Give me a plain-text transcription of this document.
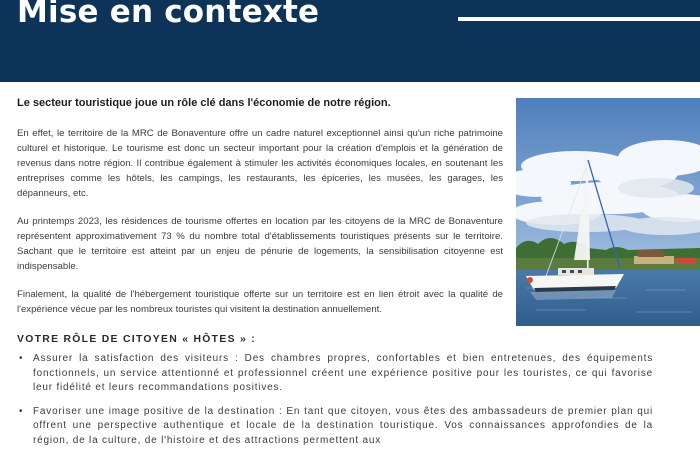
Mise en contexte

Le secteur touristique joue un rôle clé dans l'économie de notre région.

En effet, le territoire de la MRC de Bonaventure offre un cadre naturel exceptionnel ainsi qu'un riche patrimoine culturel et historique. Le tourisme est donc un secteur important pour la création d'emplois et la génération de revenus dans notre région. Il contribue également à stimuler les activités économiques locales, en soutenant les entreprises comme les hôtels, les campings, les restaurants, les épiceries, les musées, les garages, les dépanneurs, etc.

Au printemps 2023, les résidences de tourisme offertes en location par les citoyens de la MRC de Bonaventure représentent approximativement 73 % du nombre total d'établissements touristiques présents sur le territoire. Sachant que le territoire est atteint par un enjeu de pénurie de logements, la sensibilisation citoyenne est indispensable.

Finalement, la qualité de l'hébergement touristique offerte sur un territoire est en lien étroit avec la qualité de l'expérience vécue par les nombreux touristes qui visitent la destination annuellement.

VOTRE RÔLE DE CITOYEN « HÔTES » :

• Assurer la satisfaction des visiteurs : Des chambres propres, confortables et bien entretenues, des équipements fonctionnels, un service attentionné et professionnel créent une expérience positive pour les touristes, ce qui favorise leur fidélité et leurs recommandations positives.
• Favoriser une image positive de la destination : En tant que citoyen, vous êtes des ambassadeurs de premier plan qui offrent une perspective authentique et locale de la destination touristique. Vos connaissances approfondies de la région, de la culture, de l'histoire et des attractions permettent aux
